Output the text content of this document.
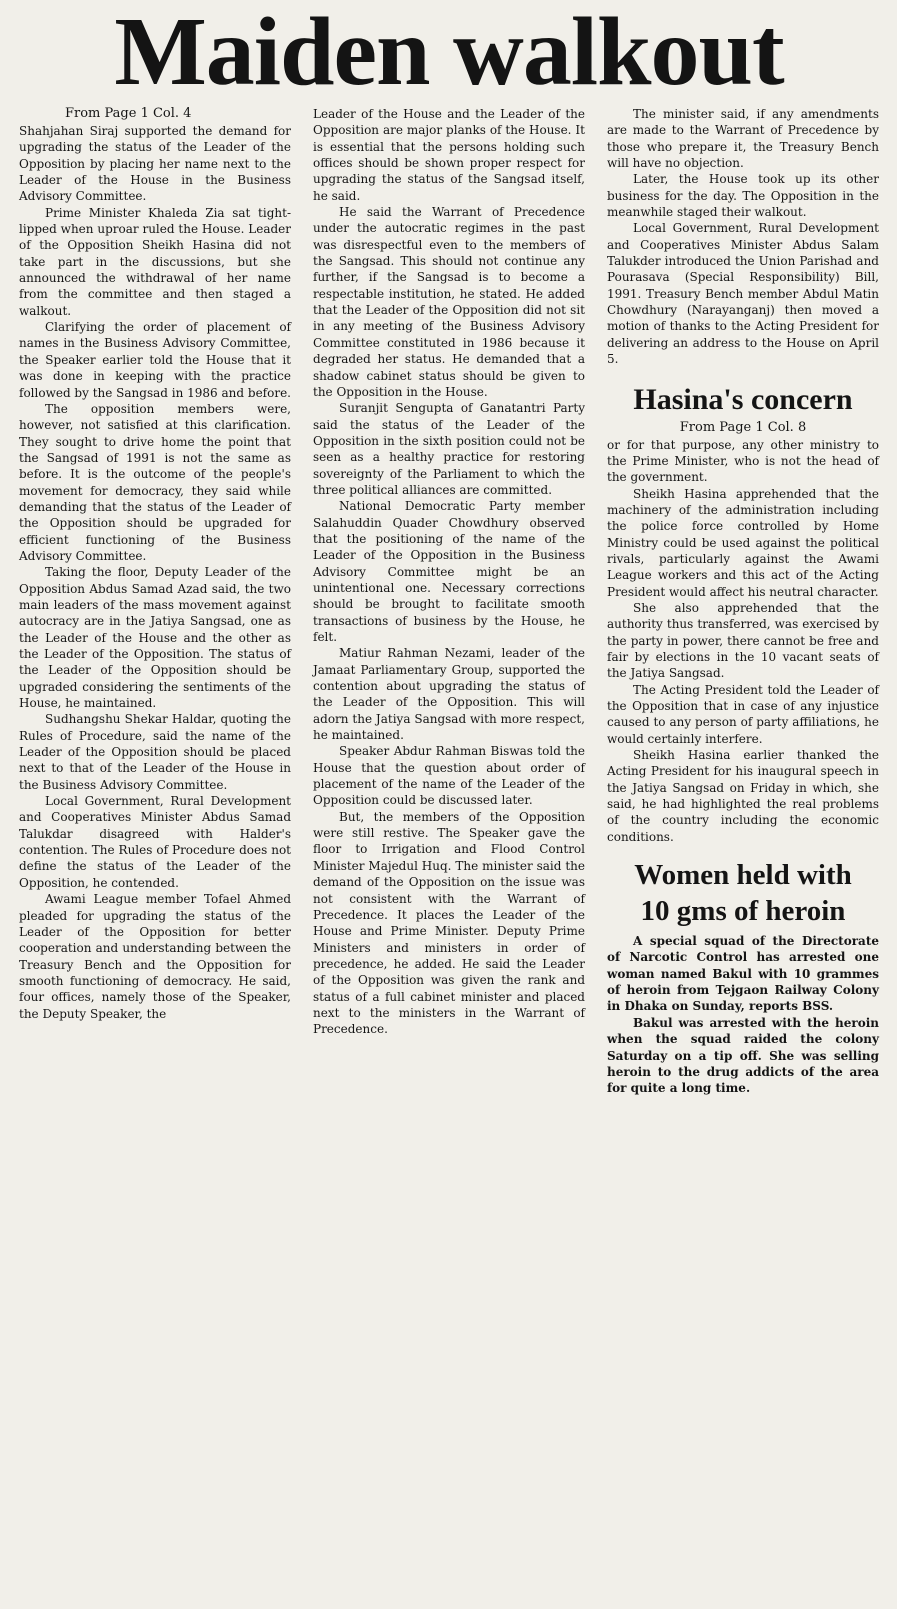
Maiden walkout
From Page 1 Col. 4

Shahjahan Siraj supported the demand for upgrading the status of the Leader of the Opposition by placing her name next to the Leader of the House in the Business Advisory Committee.

Prime Minister Khaleda Zia sat tight-lipped when uproar ruled the House. Leader of the Opposition Sheikh Hasina did not take part in the discussions, but she announced the withdrawal of her name from the committee and then staged a walkout.

Clarifying the order of placement of names in the Business Advisory Committee, the Speaker earlier told the House that it was done in keeping with the practice followed by the Sangsad in 1986 and before.

The opposition members were, however, not satisfied at this clarification. They sought to drive home the point that the Sangsad of 1991 is not the same as before. It is the outcome of the people's movement for democracy, they said while demanding that the status of the Leader of the Opposition should be upgraded for efficient functioning of the Business Advisory Committee.

Taking the floor, Deputy Leader of the Opposition Abdus Samad Azad said, the two main leaders of the mass movement against autocracy are in the Jatiya Sangsad, one as the Leader of the House and the other as the Leader of the Opposition. The status of the Leader of the Opposition should be upgraded considering the sentiments of the House, he maintained.

Sudhangshu Shekar Haldar, quoting the Rules of Procedure, said the name of the Leader of the Opposition should be placed next to that of the Leader of the House in the Business Advisory Committee.

Local Government, Rural Development and Cooperatives Minister Abdus Samad Talukdar disagreed with Halder's contention. The Rules of Procedure does not define the status of the Leader of the Opposition, he contended.

Awami League member Tofael Ahmed pleaded for upgrading the status of the Leader of the Opposition for better cooperation and understanding between the Treasury Bench and the Opposition for smooth functioning of democracy. He said, four offices, namely those of the Speaker, the Deputy Speaker, the

Leader of the House and the Leader of the Opposition are major planks of the House. It is essential that the persons holding such offices should be shown proper respect for upgrading the status of the Sangsad itself, he said.

He said the Warrant of Precedence under the autocratic regimes in the past was disrespectful even to the members of the Sangsad. This should not continue any further, if the Sangsad is to become a respectable institution, he stated. He added that the Leader of the Opposition did not sit in any meeting of the Business Advisory Committee constituted in 1986 because it degraded her status. He demanded that a shadow cabinet status should be given to the Opposition in the House.

Suranjit Sengupta of Ganatantri Party said the status of the Leader of the Opposition in the sixth position could not be seen as a healthy practice for restoring sovereignty of the Parliament to which the three political alliances are committed.

National Democratic Party member Salahuddin Quader Chowdhury observed that the positioning of the name of the Leader of the Opposition in the Business Advisory Committee might be an unintentional one. Necessary corrections should be brought to facilitate smooth transactions of business by the House, he felt.

Matiur Rahman Nezami, leader of the Jamaat Parliamentary Group, supported the contention about upgrading the status of the Leader of the Opposition. This will adorn the Jatiya Sangsad with more respect, he maintained.

Speaker Abdur Rahman Biswas told the House that the question about order of placement of the name of the Leader of the Opposition could be discussed later.

But, the members of the Opposition were still restive. The Speaker gave the floor to Irrigation and Flood Control Minister Majedul Huq. The minister said the demand of the Opposition on the issue was not consistent with the Warrant of Precedence. It places the Leader of the House and Prime Minister. Deputy Prime Ministers and ministers in order of precedence, he added. He said the Leader of the Opposition was given the rank and status of a full cabinet minister and placed next to the ministers in the Warrant of Precedence.

The minister said, if any amendments are made to the Warrant of Precedence by those who prepare it, the Treasury Bench will have no objection.

Later, the House took up its other business for the day. The Opposition in the meanwhile staged their walkout.

Local Government, Rural Development and Cooperatives Minister Abdus Salam Talukder introduced the Union Parishad and Pourasava (Special Responsibility) Bill, 1991. Treasury Bench member Abdul Matin Chowdhury (Narayanganj) then moved a motion of thanks to the Acting President for delivering an address to the House on April 5.

Hasina's concern
From Page 1 Col. 8

or for that purpose, any other ministry to the Prime Minister, who is not the head of the government.

Sheikh Hasina apprehended that the machinery of the administration including the police force controlled by Home Ministry could be used against the political rivals, particularly against the Awami League workers and this act of the Acting President would affect his neutral character.

She also apprehended that the authority thus transferred, was exercised by the party in power, there cannot be free and fair by elections in the 10 vacant seats of the Jatiya Sangsad.

The Acting President told the Leader of the Opposition that in case of any injustice caused to any person of party affiliations, he would certainly interfere.

Sheikh Hasina earlier thanked the Acting President for his inaugural speech in the Jatiya Sangsad on Friday in which, she said, he had highlighted the real problems of the country including the economic conditions.

Women held with
10 gms of heroin

A special squad of the Directorate of Narcotic Control has arrested one woman named Bakul with 10 grammes of heroin from Tejgaon Railway Colony in Dhaka on Sunday, reports BSS.

Bakul was arrested with the heroin when the squad raided the colony Saturday on a tip off. She was selling heroin to the drug addicts of the area for quite a long time.
